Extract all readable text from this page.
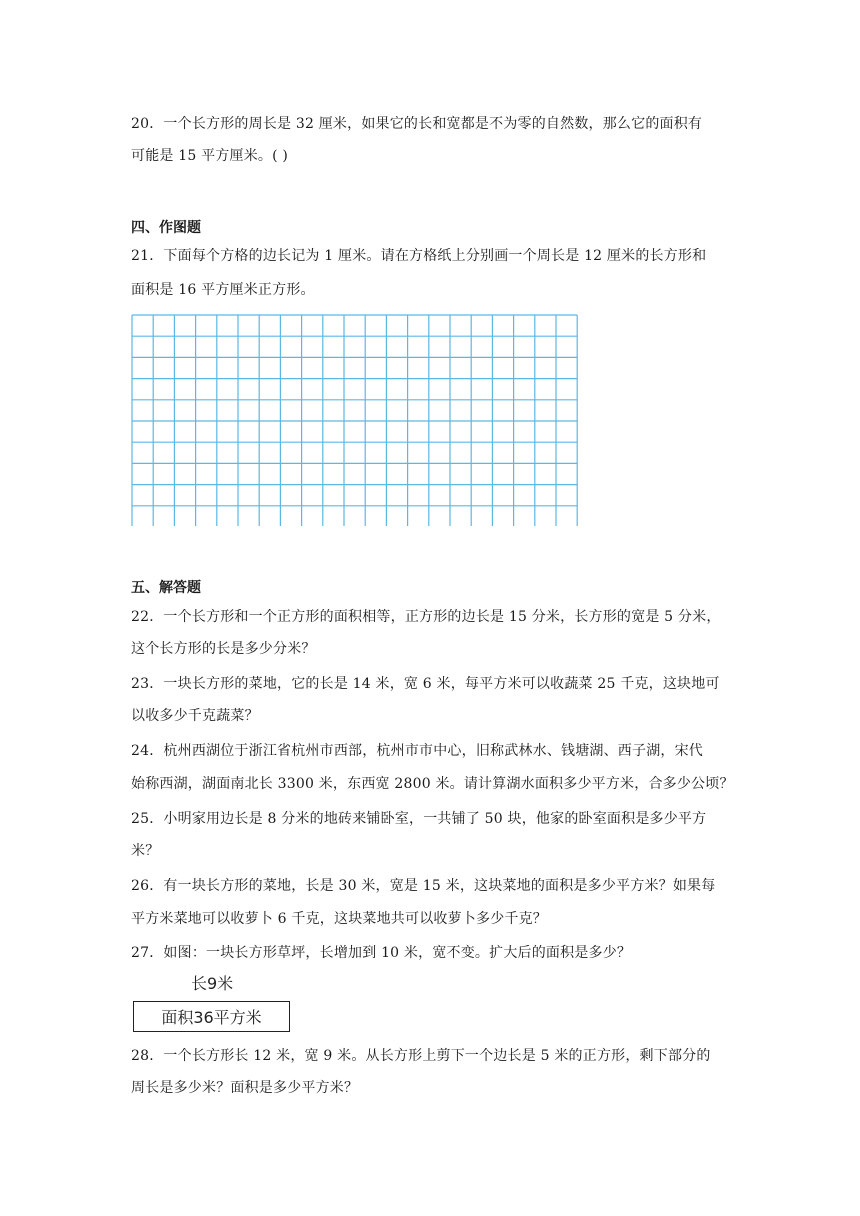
20．一个长方形的周长是 32 厘米，如果它的长和宽都是不为零的自然数，那么它的面积有
可能是 15 平方厘米。( )
四、作图题
21．下面每个方格的边长记为 1 厘米。请在方格纸上分别画一个周长是 12 厘米的长方形和
面积是 16 平方厘米正方形。
五、解答题
22．一个长方形和一个正方形的面积相等，正方形的边长是 15 分米，长方形的宽是 5 分米，
这个长方形的长是多少分米？
23．一块长方形的菜地，它的长是 14 米，宽 6 米，每平方米可以收蔬菜 25 千克，这块地可
以收多少千克蔬菜？
24．杭州西湖位于浙江省杭州市西部，杭州市市中心，旧称武林水、钱塘湖、西子湖，宋代
始称西湖，湖面南北长 3300 米，东西宽 2800 米。请计算湖水面积多少平方米，合多少公顷？
25．小明家用边长是 8 分米的地砖来铺卧室，一共铺了 50 块，他家的卧室面积是多少平方
米？
26．有一块长方形的菜地，长是 30 米，宽是 15 米，这块菜地的面积是多少平方米？如果每
平方米菜地可以收萝卜 6 千克，这块菜地共可以收萝卜多少千克？
27．如图：一块长方形草坪，长增加到 10 米，宽不变。扩大后的面积是多少？
长9米
面积36平方米
28．一个长方形长 12 米，宽 9 米。从长方形上剪下一个边长是 5 米的正方形，剩下部分的
周长是多少米？面积是多少平方米？
